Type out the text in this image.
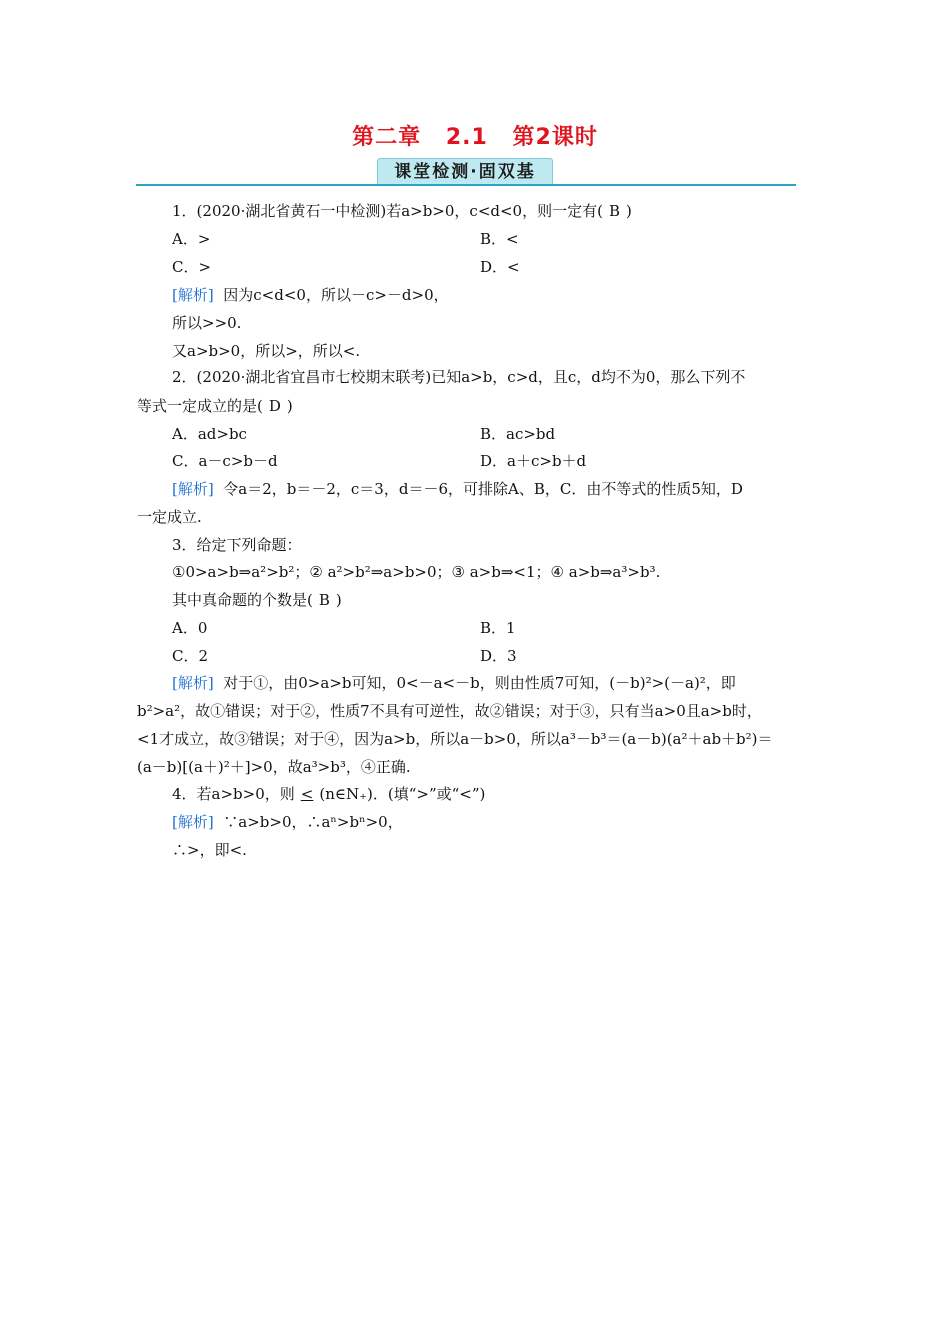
第二章 2.1 第2课时
课堂检测·固双基
1．(2020·湖北省黄石一中检测)若a>b>0，c<d<0，则一定有( B )
A．>	B．<
C．>	D．<
[解析] 因为c<d<0，所以－c>－d>0，
所以>>0.
又a>b>0，所以>，所以<.
2．(2020·湖北省宜昌市七校期末联考)已知a>b，c>d，且c，d均不为0，那么下列不
等式一定成立的是( D )
A．ad>bc	B．ac>bd
C．a－c>b－d	D．a＋c>b＋d
[解析] 令a＝2，b＝－2，c＝3，d＝－6，可排除A、B，C．由不等式的性质5知，D
一定成立.
3．给定下列命题：
①0>a>b⇒a²>b²；② a²>b²⇒a>b>0；③ a>b⇒<1；④ a>b⇒a³>b³.
其中真命题的个数是( B )
A．0	B．1
C．2	D．3
[解析] 对于①，由0>a>b可知，0<－a<－b，则由性质7可知，(－b)²>(－a)²，即
b²>a²，故①错误；对于②，性质7不具有可逆性，故②错误；对于③，只有当a>0且a>b时，
<1才成立，故③错误；对于④，因为a>b，所以a－b>0，所以a³－b³＝(a－b)(a²＋ab＋b²)＝
(a－b)[(a＋)²＋]>0，故a³>b³，④正确.
4．若a>b>0，则 < (n∈N₊)．(填“>”或“<”)
[解析] ∵a>b>0，∴aⁿ>bⁿ>0，
∴>，即<.
